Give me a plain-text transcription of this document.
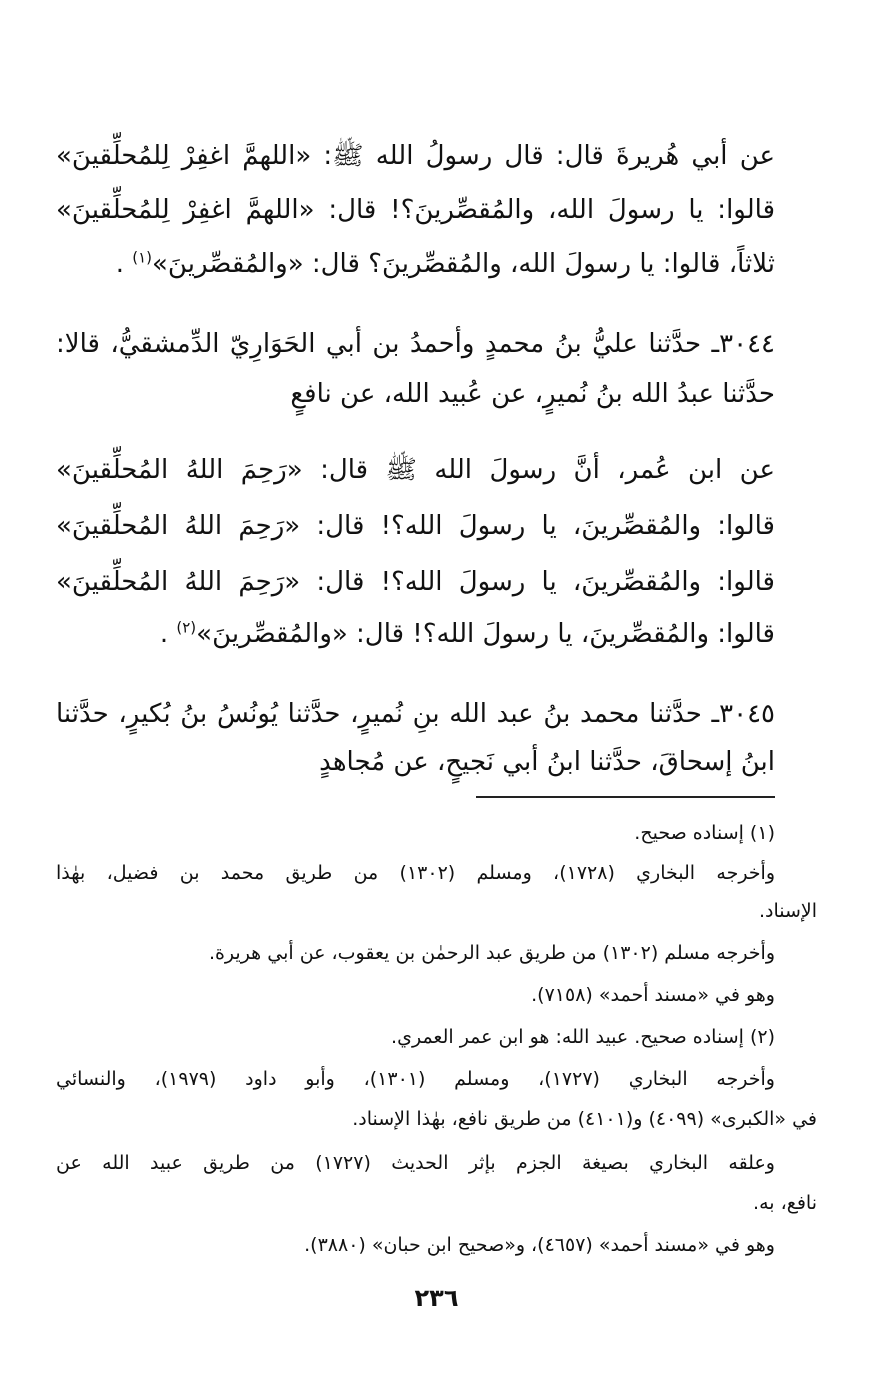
عن أبي هُريرةَ قال: قال رسولُ الله ﷺ: «اللهمَّ اغفِرْ لِلمُحلِّقينَ»
قالوا: يا رسولَ الله، والمُقصِّرينَ؟! قال: «اللهمَّ اغفِرْ لِلمُحلِّقينَ»
ثلاثاً، قالوا: يا رسولَ الله، والمُقصِّرينَ؟ قال: «والمُقصِّرينَ»$^{(١)}$ .
٣٠٤٤ـ حدَّثنا عليُّ بنُ محمدٍ وأحمدُ بن أبي الحَوَارِيّ الدِّمشقيُّ، قالا:
حدَّثنا عبدُ الله بنُ نُميرٍ، عن عُبيد الله، عن نافعٍ
عن ابن عُمر، أنَّ رسولَ الله ﷺ قال: «رَحِمَ اللهُ المُحلِّقينَ»
قالوا: والمُقصِّرينَ، يا رسولَ الله؟! قال: «رَحِمَ اللهُ المُحلِّقينَ»
قالوا: والمُقصِّرينَ، يا رسولَ الله؟! قال: «رَحِمَ اللهُ المُحلِّقينَ»
قالوا: والمُقصِّرينَ، يا رسولَ الله؟! قال: «والمُقصِّرينَ»$^{(٢)}$ .
٣٠٤٥ـ حدَّثنا محمد بنُ عبد الله بنِ نُميرٍ، حدَّثنا يُونُسُ بنُ بُكيرٍ، حدَّثنا
ابنُ إسحاقَ، حدَّثنا ابنُ أبي نَجيحٍ، عن مُجاهدٍ
(١) إسناده صحيح.
وأخرجه البخاري (١٧٢٨)، ومسلم (١٣٠٢) من طريق محمد بن فضيل، بهٰذا
الإسناد.
وأخرجه مسلم (١٣٠٢) من طريق عبد الرحمٰن بن يعقوب، عن أبي هريرة.
وهو في «مسند أحمد» (٧١٥٨).
(٢) إسناده صحيح. عبيد الله: هو ابن عمر العمري.
وأخرجه البخاري (١٧٢٧)، ومسلم (١٣٠١)، وأبو داود (١٩٧٩)، والنسائي
في «الكبرى» (٤٠٩٩) و(٤١٠١) من طريق نافع، بهٰذا الإسناد.
وعلقه البخاري بصيغة الجزم بإثر الحديث (١٧٢٧) من طريق عبيد الله عن
نافع، به.
وهو في «مسند أحمد» (٤٦٥٧)، و«صحيح ابن حبان» (٣٨٨٠).
٢٣٦
